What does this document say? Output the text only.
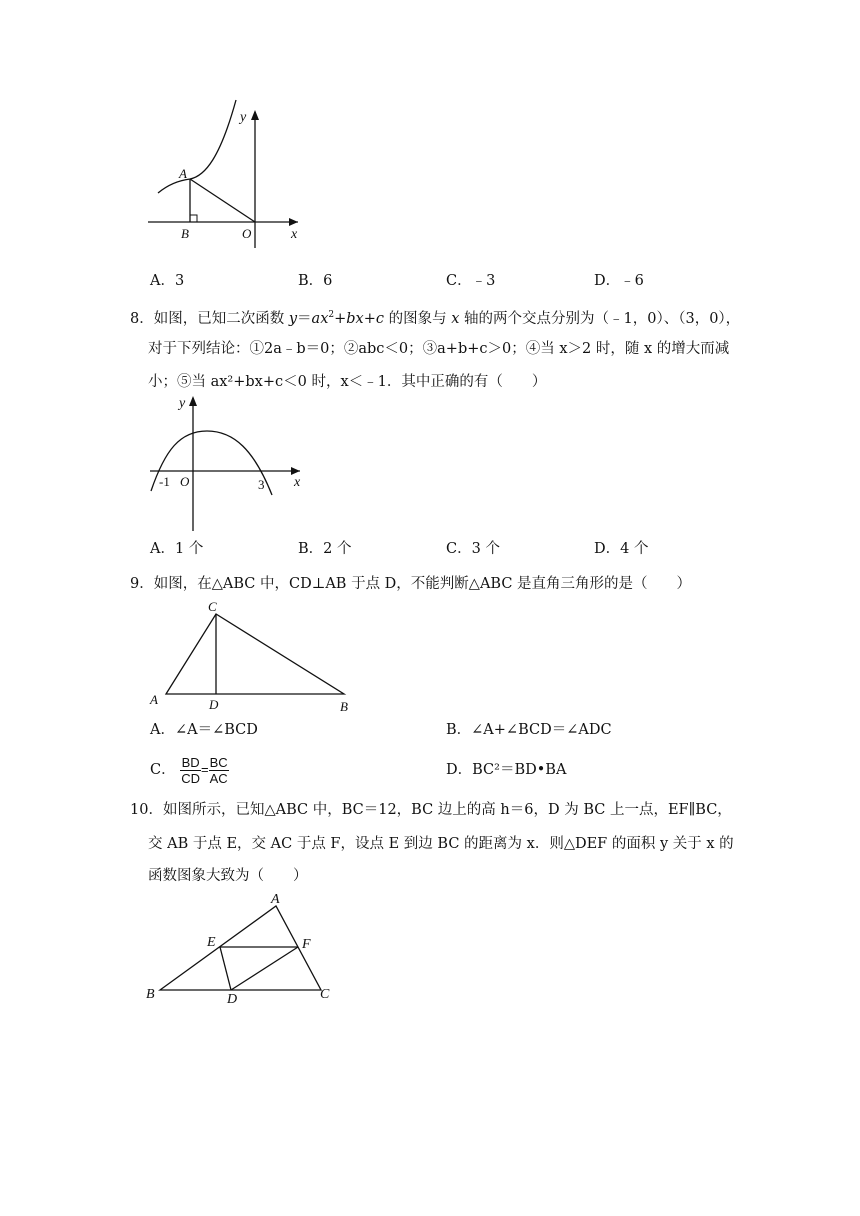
y
x
A
B	O
A．3	B．6	C．﹣3	D．﹣6
8．如图，已知二次函数 $y=ax^2+bx+c$ 的图象与 x 轴的两个交点分别为（﹣1，0）、（3，0），
对于下列结论：①2a﹣b＝0；②abc＜0；③a+b+c＞0；④当 x＞2 时，随 x 的增大而减
小；⑤当 ax²+bx+c＜0 时，x＜﹣1．其中正确的有（　　）
y
x
-1 O	3
A．1 个	B．2 个	C．3 个	D．4 个
9．如图，在△ABC 中，CD⊥AB 于点 D，不能判断△ABC 是直角三角形的是（　　）
C
A	D	B
A．∠A＝∠BCD	B．∠A+∠BCD＝∠ADC
C． $\frac{BD}{CD} = \frac{BC}{AC}$	D．BC²＝BD•BA
10．如图所示，已知△ABC 中，BC＝12，BC 边上的高 h＝6，D 为 BC 上一点，EF∥BC，
交 AB 于点 E，交 AC 于点 F，设点 E 到边 BC 的距离为 x．则△DEF 的面积 y 关于 x 的
函数图象大致为（　　）
A
E	F
B	D	C
